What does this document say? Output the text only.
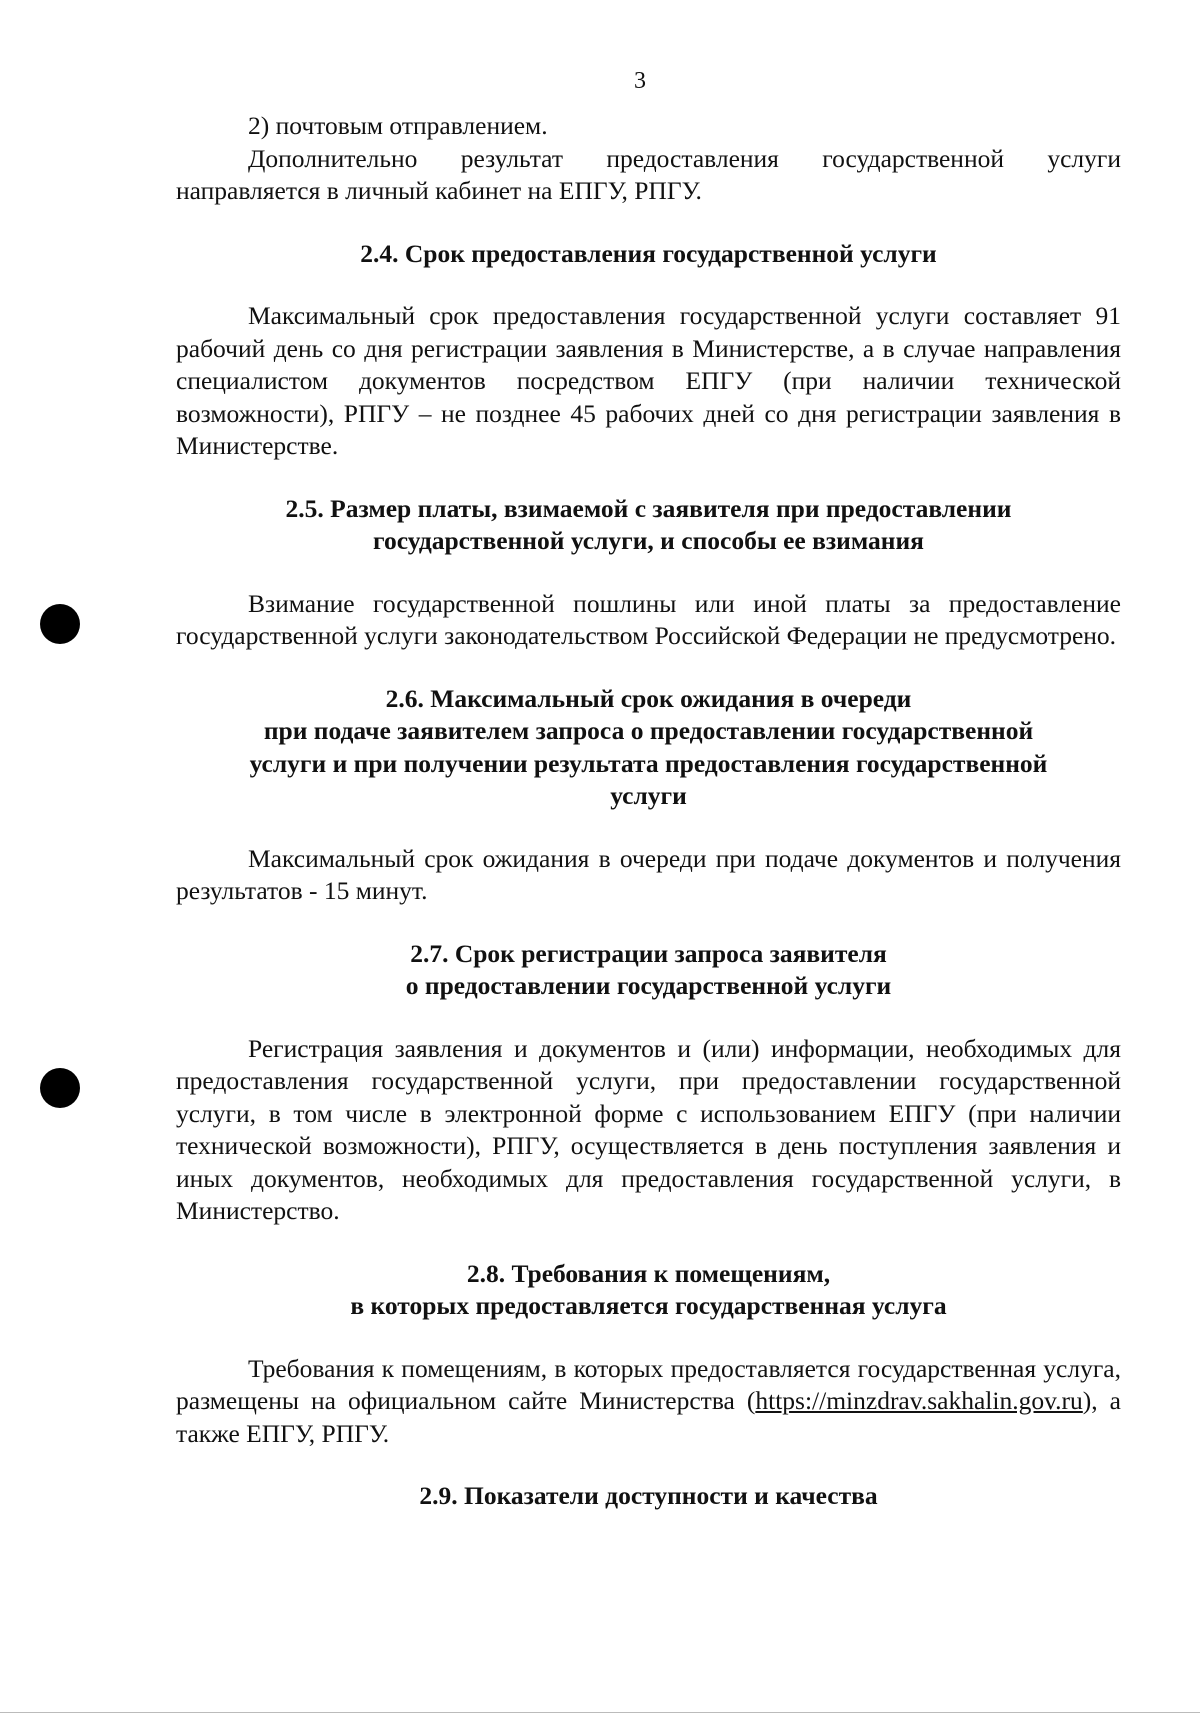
3

2) почтовым отправлением.

Дополнительно результат предоставления государственной услуги направляется в личный кабинет на ЕПГУ, РПГУ.

2.4. Срок предоставления государственной услуги

Максимальный срок предоставления государственной услуги составляет 91 рабочий день со дня регистрации заявления в Министерстве, а в случае направления специалистом документов посредством ЕПГУ (при наличии технической возможности), РПГУ – не позднее 45 рабочих дней со дня регистрации заявления в Министерстве.

2.5. Размер платы, взимаемой с заявителя при предоставлении
государственной услуги, и способы ее взимания

Взимание государственной пошлины или иной платы за предоставление государственной услуги законодательством Российской Федерации не предусмотрено.

2.6. Максимальный срок ожидания в очереди
при подаче заявителем запроса о предоставлении государственной
услуги и при получении результата предоставления государственной
услуги

Максимальный срок ожидания в очереди при подаче документов и получения результатов - 15 минут.

2.7. Срок регистрации запроса заявителя
о предоставлении государственной услуги

Регистрация заявления и документов и (или) информации, необходимых для предоставления государственной услуги, при предоставлении государственной услуги, в том числе в электронной форме с использованием ЕПГУ (при наличии технической возможности), РПГУ, осуществляется в день поступления заявления и иных документов, необходимых для предоставления государственной услуги, в Министерство.

2.8. Требования к помещениям,
в которых предоставляется государственная услуга

Требования к помещениям, в которых предоставляется государственная услуга, размещены на официальном сайте Министерства (https://minzdrav.sakhalin.gov.ru), а также ЕПГУ, РПГУ.

2.9. Показатели доступности и качества
